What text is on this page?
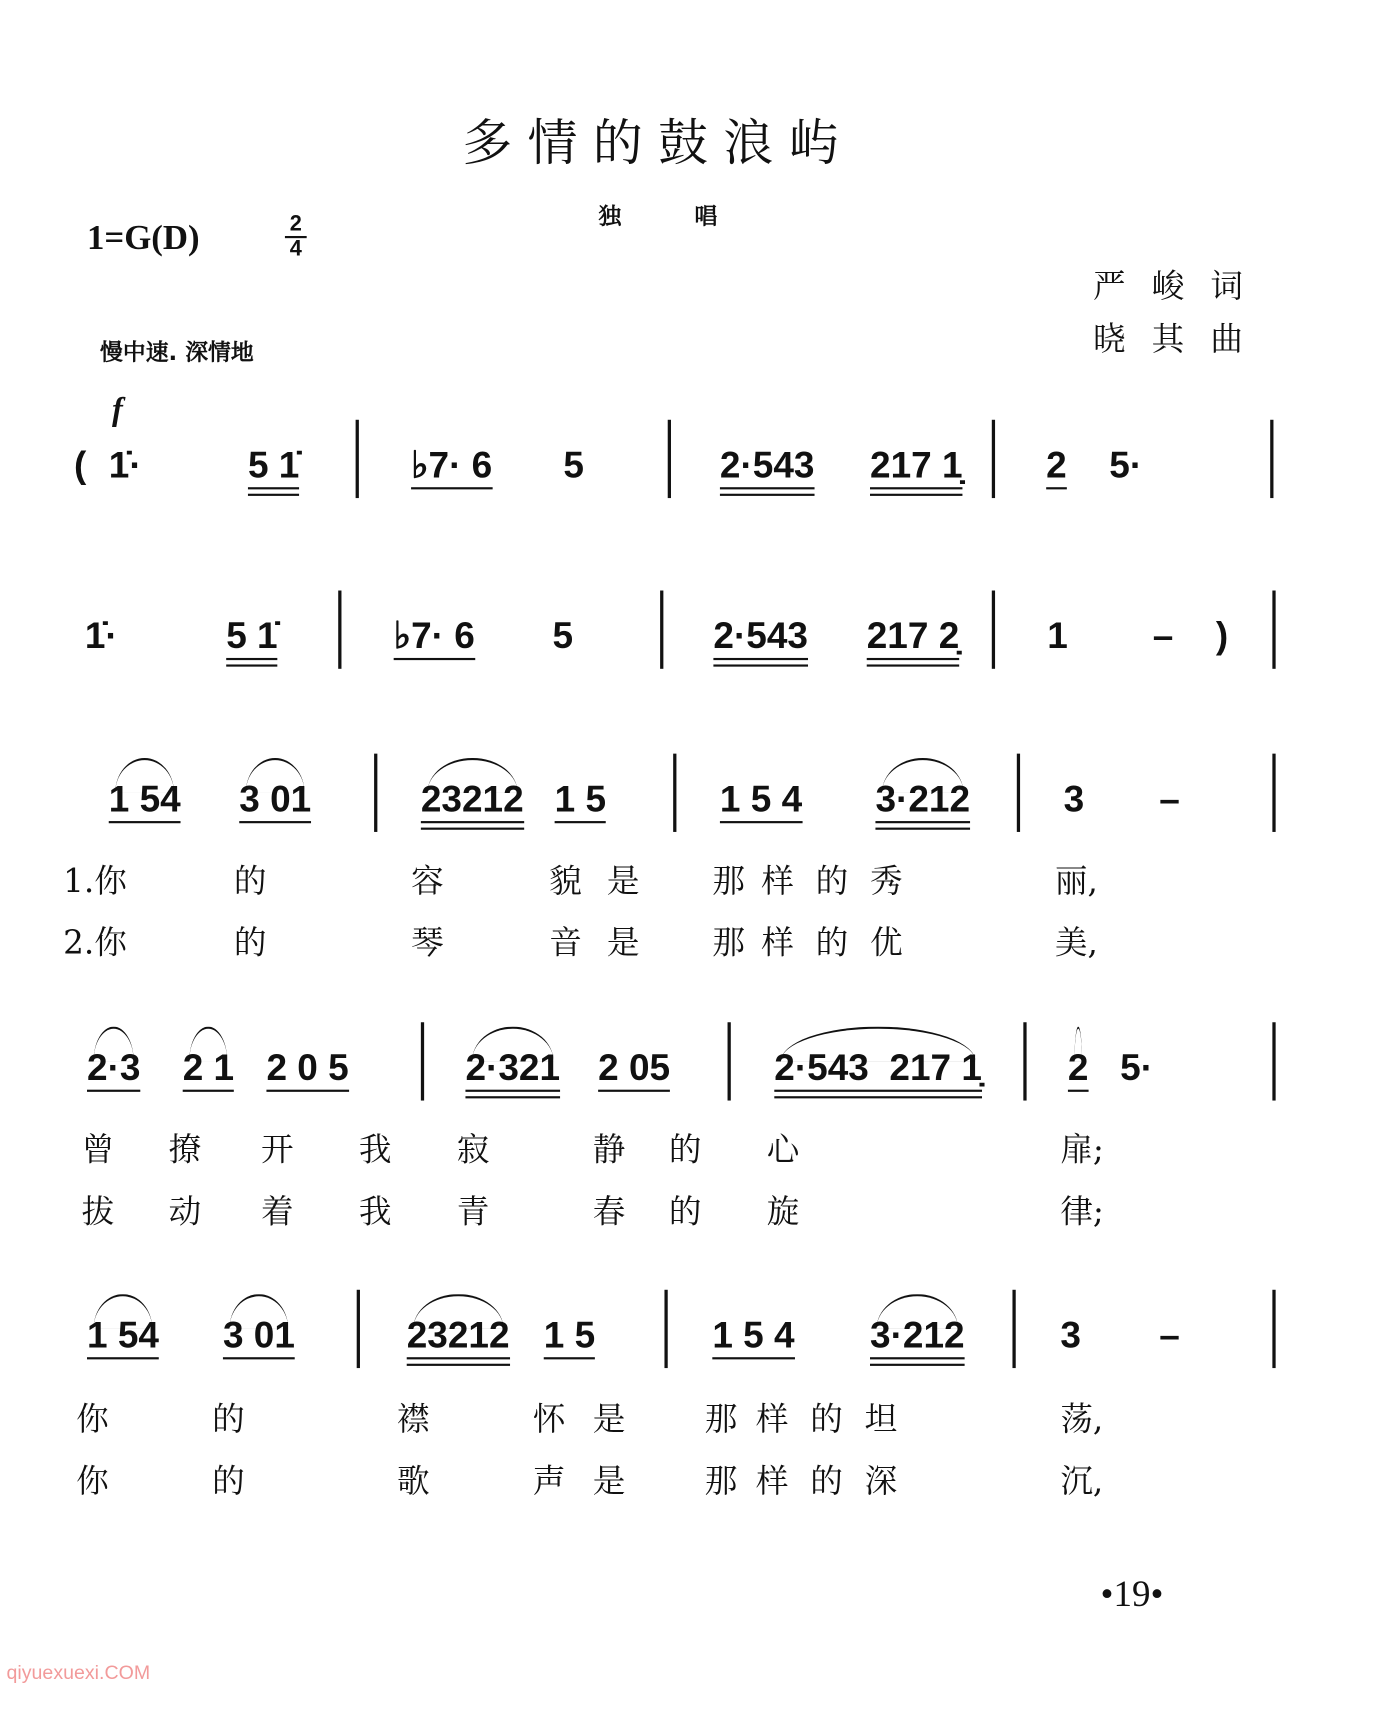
多情的鼓浪屿
独 唱
1=G(D)	$\frac{2}{4}$
严峻词
晓其曲
慢中速. 深情地
f
( 1̇·	5 1̇	♭7· 6 5	2·543 217 1̣ 2 5·
1̇·	5 1̇	♭7· 6 5	2·543 217 2̣	1 – )
1 54 3 01	23212 1 5	1 5 4 3·212	3 –
1.你	的	容	貌 是 那 样 的 秀	丽,
2.你	的	琴	音 是 那 样 的 优	美,
2·3 2 1 2 0 5	2·321 2 05	2·543  217 1̣	2 5·
曾 撩 开 我 寂	静 的 心	扉;
拔 动 着 我 青	春 的 旋	律;
1 54 3 01	23212 1 5	1 5 4 3·212	3 –
你	的	襟	怀 是	那 样 的 坦	荡,
你	的	歌	声 是	那 样 的 深	沉,
•19•
qiyuexuexi.COM
